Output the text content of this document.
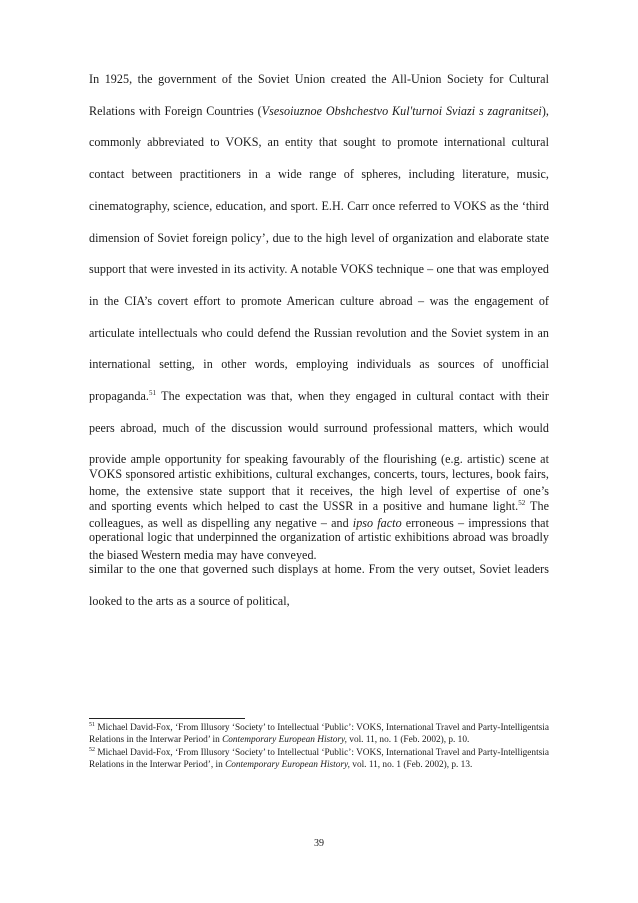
In 1925, the government of the Soviet Union created the All-Union Society for Cultural Relations with Foreign Countries (Vsesoiuznoe Obshchestvo Kul'turnoi Sviazi s zagranitsei), commonly abbreviated to VOKS, an entity that sought to promote international cultural contact between practitioners in a wide range of spheres, including literature, music, cinematography, science, education, and sport. E.H. Carr once referred to VOKS as the ‘third dimension of Soviet foreign policy’, due to the high level of organization and elaborate state support that were invested in its activity. A notable VOKS technique – one that was employed in the CIA’s covert effort to promote American culture abroad – was the engagement of articulate intellectuals who could defend the Russian revolution and the Soviet system in an international setting, in other words, employing individuals as sources of unofficial propaganda.$^{51}$ The expectation was that, when they engaged in cultural contact with their peers abroad, much of the discussion would surround professional matters, which would provide ample opportunity for speaking favourably of the flourishing (e.g. artistic) scene at home, the extensive state support that it receives, the high level of expertise of one’s colleagues, as well as dispelling any negative – and ipso facto erroneous – impressions that the biased Western media may have conveyed.

VOKS sponsored artistic exhibitions, cultural exchanges, concerts, tours, lectures, book fairs, and sporting events which helped to cast the USSR in a positive and humane light.$^{52}$ The operational logic that underpinned the organization of artistic exhibitions abroad was broadly similar to the one that governed such displays at home. From the very outset, Soviet leaders looked to the arts as a source of political,

$^{51}$ Michael David-Fox, ‘From Illusory ‘Society’ to Intellectual ‘Public’: VOKS, International Travel and Party-Intelligentsia Relations in the Interwar Period’ in Contemporary European History, vol. 11, no. 1 (Feb. 2002), p. 10.

$^{52}$ Michael David-Fox, ‘From Illusory ‘Society’ to Intellectual ‘Public’: VOKS, International Travel and Party-Intelligentsia Relations in the Interwar Period’, in Contemporary European History, vol. 11, no. 1 (Feb. 2002), p. 13.

39
